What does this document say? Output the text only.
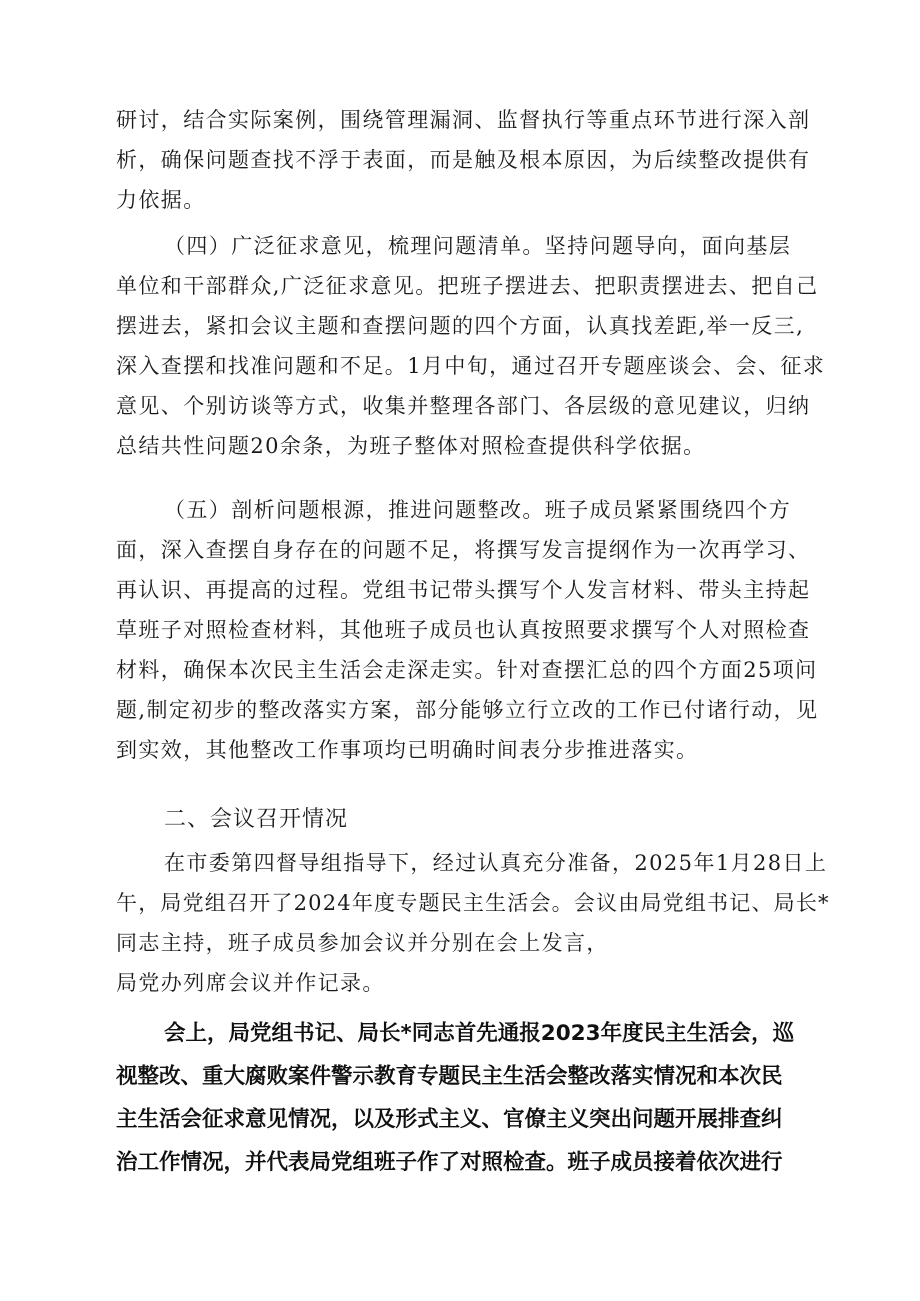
研讨，结合实际案例，围绕管理漏洞、监督执行等重点环节进行深入剖
析，确保问题查找不浮于表面，而是触及根本原因，为后续整改提供有
力依据。

（四）广泛征求意见，梳理问题清单。坚持问题导向，面向基层
单位和干部群众,广泛征求意见。把班子摆进去、把职责摆进去、把自己
摆进去，紧扣会议主题和查摆问题的四个方面，认真找差距,举一反三,
深入查摆和找准问题和不足。1月中旬，通过召开专题座谈会、会、征求
意见、个别访谈等方式，收集并整理各部门、各层级的意见建议，归纳
总结共性问题20余条，为班子整体对照检查提供科学依据。

（五）剖析问题根源，推进问题整改。班子成员紧紧围绕四个方
面，深入查摆自身存在的问题不足，将撰写发言提纲作为一次再学习、
再认识、再提高的过程。党组书记带头撰写个人发言材料、带头主持起
草班子对照检查材料，其他班子成员也认真按照要求撰写个人对照检查
材料，确保本次民主生活会走深走实。针对查摆汇总的四个方面25项问
题,制定初步的整改落实方案，部分能够立行立改的工作已付诸行动，见
到实效，其他整改工作事项均已明确时间表分步推进落实。

二、会议召开情况

在市委第四督导组指导下，经过认真充分准备，2025年1月28日上
午，局党组召开了2024年度专题民主生活会。会议由局党组书记、局长*
同志主持，班子成员参加会议并分别在会上发言，
局党办列席会议并作记录。

会上，局党组书记、局长*同志首先通报2023年度民主生活会，巡
视整改、重大腐败案件警示教育专题民主生活会整改落实情况和本次民
主生活会征求意见情况，以及形式主义、官僚主义突出问题开展排查纠
治工作情况，并代表局党组班子作了对照检查。班子成员接着依次进行
